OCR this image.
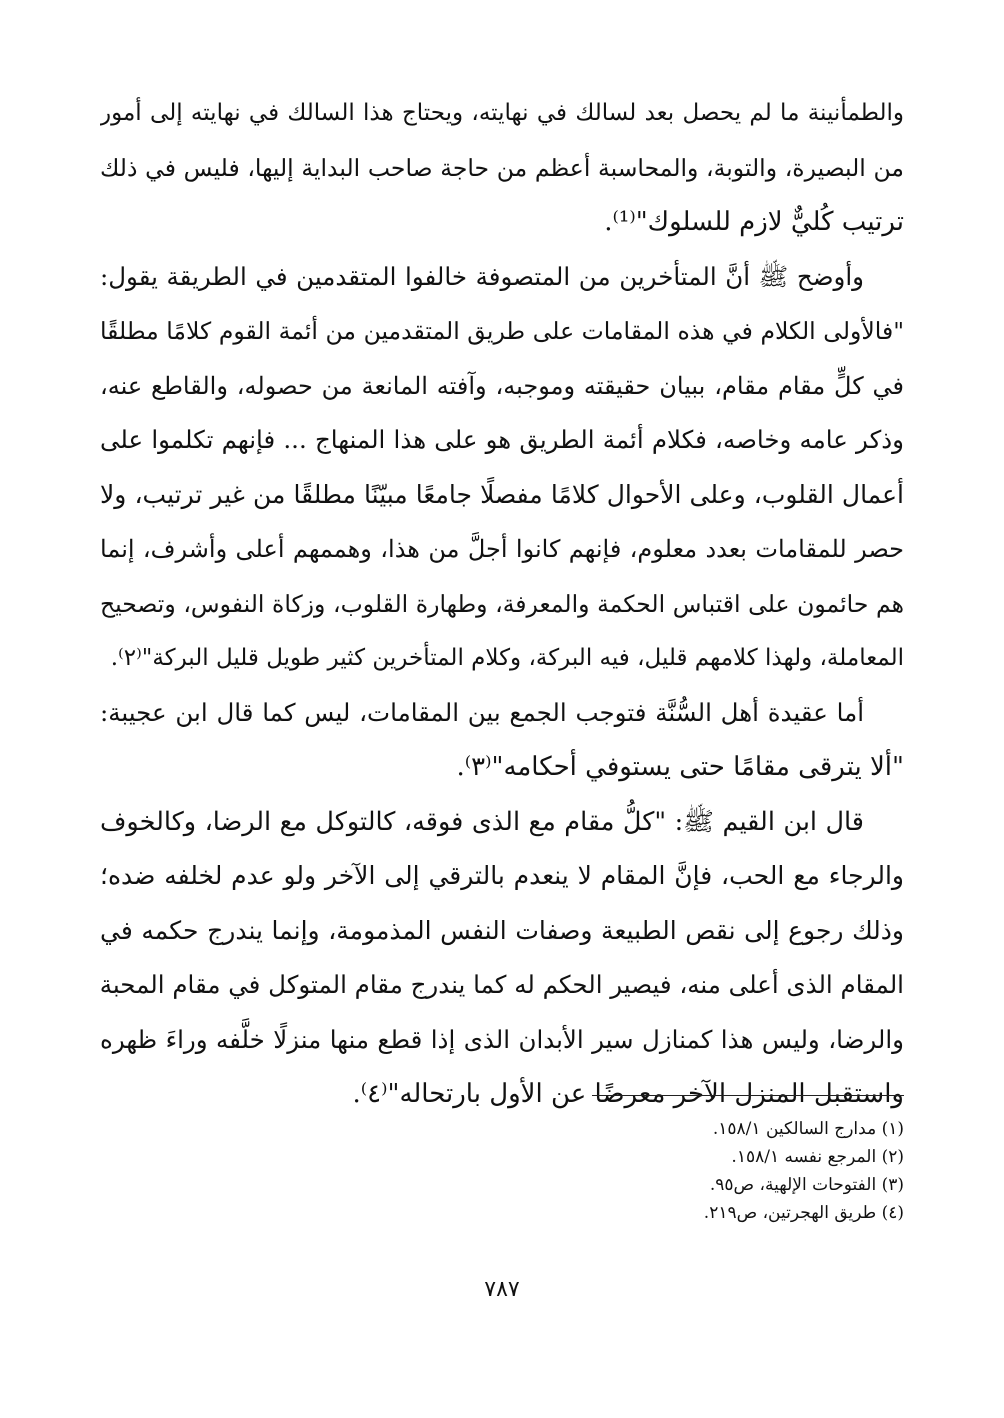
والطمأنينة ما لم يحصل بعد لسالك في نهايته، ويحتاج هذا السالك في نهايته إلى أمور
من البصيرة، والتوبة، والمحاسبة أعظم من حاجة صاحب البداية إليها، فليس في ذلك
ترتيب كُليٌّ لازم للسلوك"⁽¹⁾.
وأوضح ﷺ أنَّ المتأخرين من المتصوفة خالفوا المتقدمين في الطريقة يقول:
"فالأولى الكلام في هذه المقامات على طريق المتقدمين من أئمة القوم كلامًا مطلقًا
في كلٍّ مقام مقام، ببيان حقيقته وموجبه، وآفته المانعة من حصوله، والقاطع عنه،
وذكر عامه وخاصه، فكلام أئمة الطريق هو على هذا المنهاج ... فإنهم تكلموا على
أعمال القلوب، وعلى الأحوال كلامًا مفصلًا جامعًا مبيّنًا مطلقًا من غير ترتيب، ولا
حصر للمقامات بعدد معلوم، فإنهم كانوا أجلَّ من هذا، وهممهم أعلى وأشرف، إنما
هم حائمون على اقتباس الحكمة والمعرفة، وطهارة القلوب، وزكاة النفوس، وتصحيح
المعاملة، ولهذا كلامهم قليل، فيه البركة، وكلام المتأخرين كثير طويل قليل البركة"⁽٢⁾.
أما عقيدة أهل السُّنَّة فتوجب الجمع بين المقامات، ليس كما قال ابن عجيبة:
"ألا يترقى مقامًا حتى يستوفي أحكامه"⁽٣⁾.
قال ابن القيم ﷺ: "كلُّ مقام مع الذى فوقه، كالتوكل مع الرضا، وكالخوف
والرجاء مع الحب، فإنَّ المقام لا ينعدم بالترقي إلى الآخر ولو عدم لخلفه ضده؛
وذلك رجوع إلى نقص الطبيعة وصفات النفس المذمومة، وإنما يندرج حكمه في
المقام الذى أعلى منه، فيصير الحكم له كما يندرج مقام المتوكل في مقام المحبة
والرضا، وليس هذا كمنازل سير الأبدان الذى إذا قطع منها منزلًا خلَّفه وراءَ ظهره
واستقبل المنزل الآخر معرضًا عن الأول بارتحاله"⁽٤⁾.
(١) مدارج السالكين ١٥٨/١.
(٢) المرجع نفسه ١٥٨/١.
(٣) الفتوحات الإلهية، ص٩٥.
(٤) طريق الهجرتين، ص٢١٩.
٧٨٧
